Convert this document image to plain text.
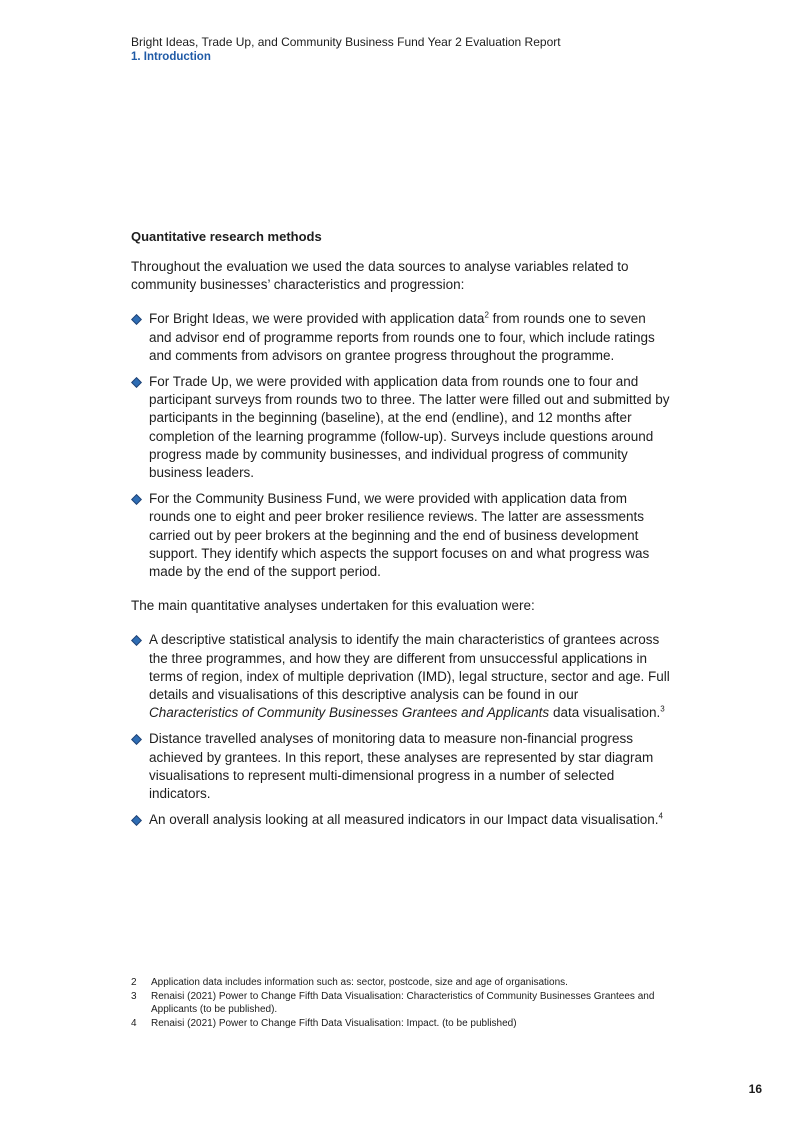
Bright Ideas, Trade Up, and Community Business Fund Year 2 Evaluation Report
1. Introduction
Quantitative research methods

Throughout the evaluation we used the data sources to analyse variables related to community businesses’ characteristics and progression:

For Bright Ideas, we were provided with application data$^2$ from rounds one to seven and advisor end of programme reports from rounds one to four, which include ratings and comments from advisors on grantee progress throughout the programme.
For Trade Up, we were provided with application data from rounds one to four and participant surveys from rounds two to three. The latter were filled out and submitted by participants in the beginning (baseline), at the end (endline), and 12 months after completion of the learning programme (follow-up). Surveys include questions around progress made by community businesses, and individual progress of community business leaders.
For the Community Business Fund, we were provided with application data from rounds one to eight and peer broker resilience reviews. The latter are assessments carried out by peer brokers at the beginning and the end of business development support. They identify which aspects the support focuses on and what progress was made by the end of the support period.

The main quantitative analyses undertaken for this evaluation were:

A descriptive statistical analysis to identify the main characteristics of grantees across the three programmes, and how they are different from unsuccessful applications in terms of region, index of multiple deprivation (IMD), legal structure, sector and age. Full details and visualisations of this descriptive analysis can be found in our Characteristics of Community Businesses Grantees and Applicants data visualisation.$^3$
Distance travelled analyses of monitoring data to measure non-financial progress achieved by grantees. In this report, these analyses are represented by star diagram visualisations to represent multi-dimensional progress in a number of selected indicators.
An overall analysis looking at all measured indicators in our Impact data visualisation.$^4$
2 Application data includes information such as: sector, postcode, size and age of organisations.
3 Renaisi (2021) Power to Change Fifth Data Visualisation: Characteristics of Community Businesses Grantees and Applicants (to be published).
4 Renaisi (2021) Power to Change Fifth Data Visualisation: Impact. (to be published)
16
